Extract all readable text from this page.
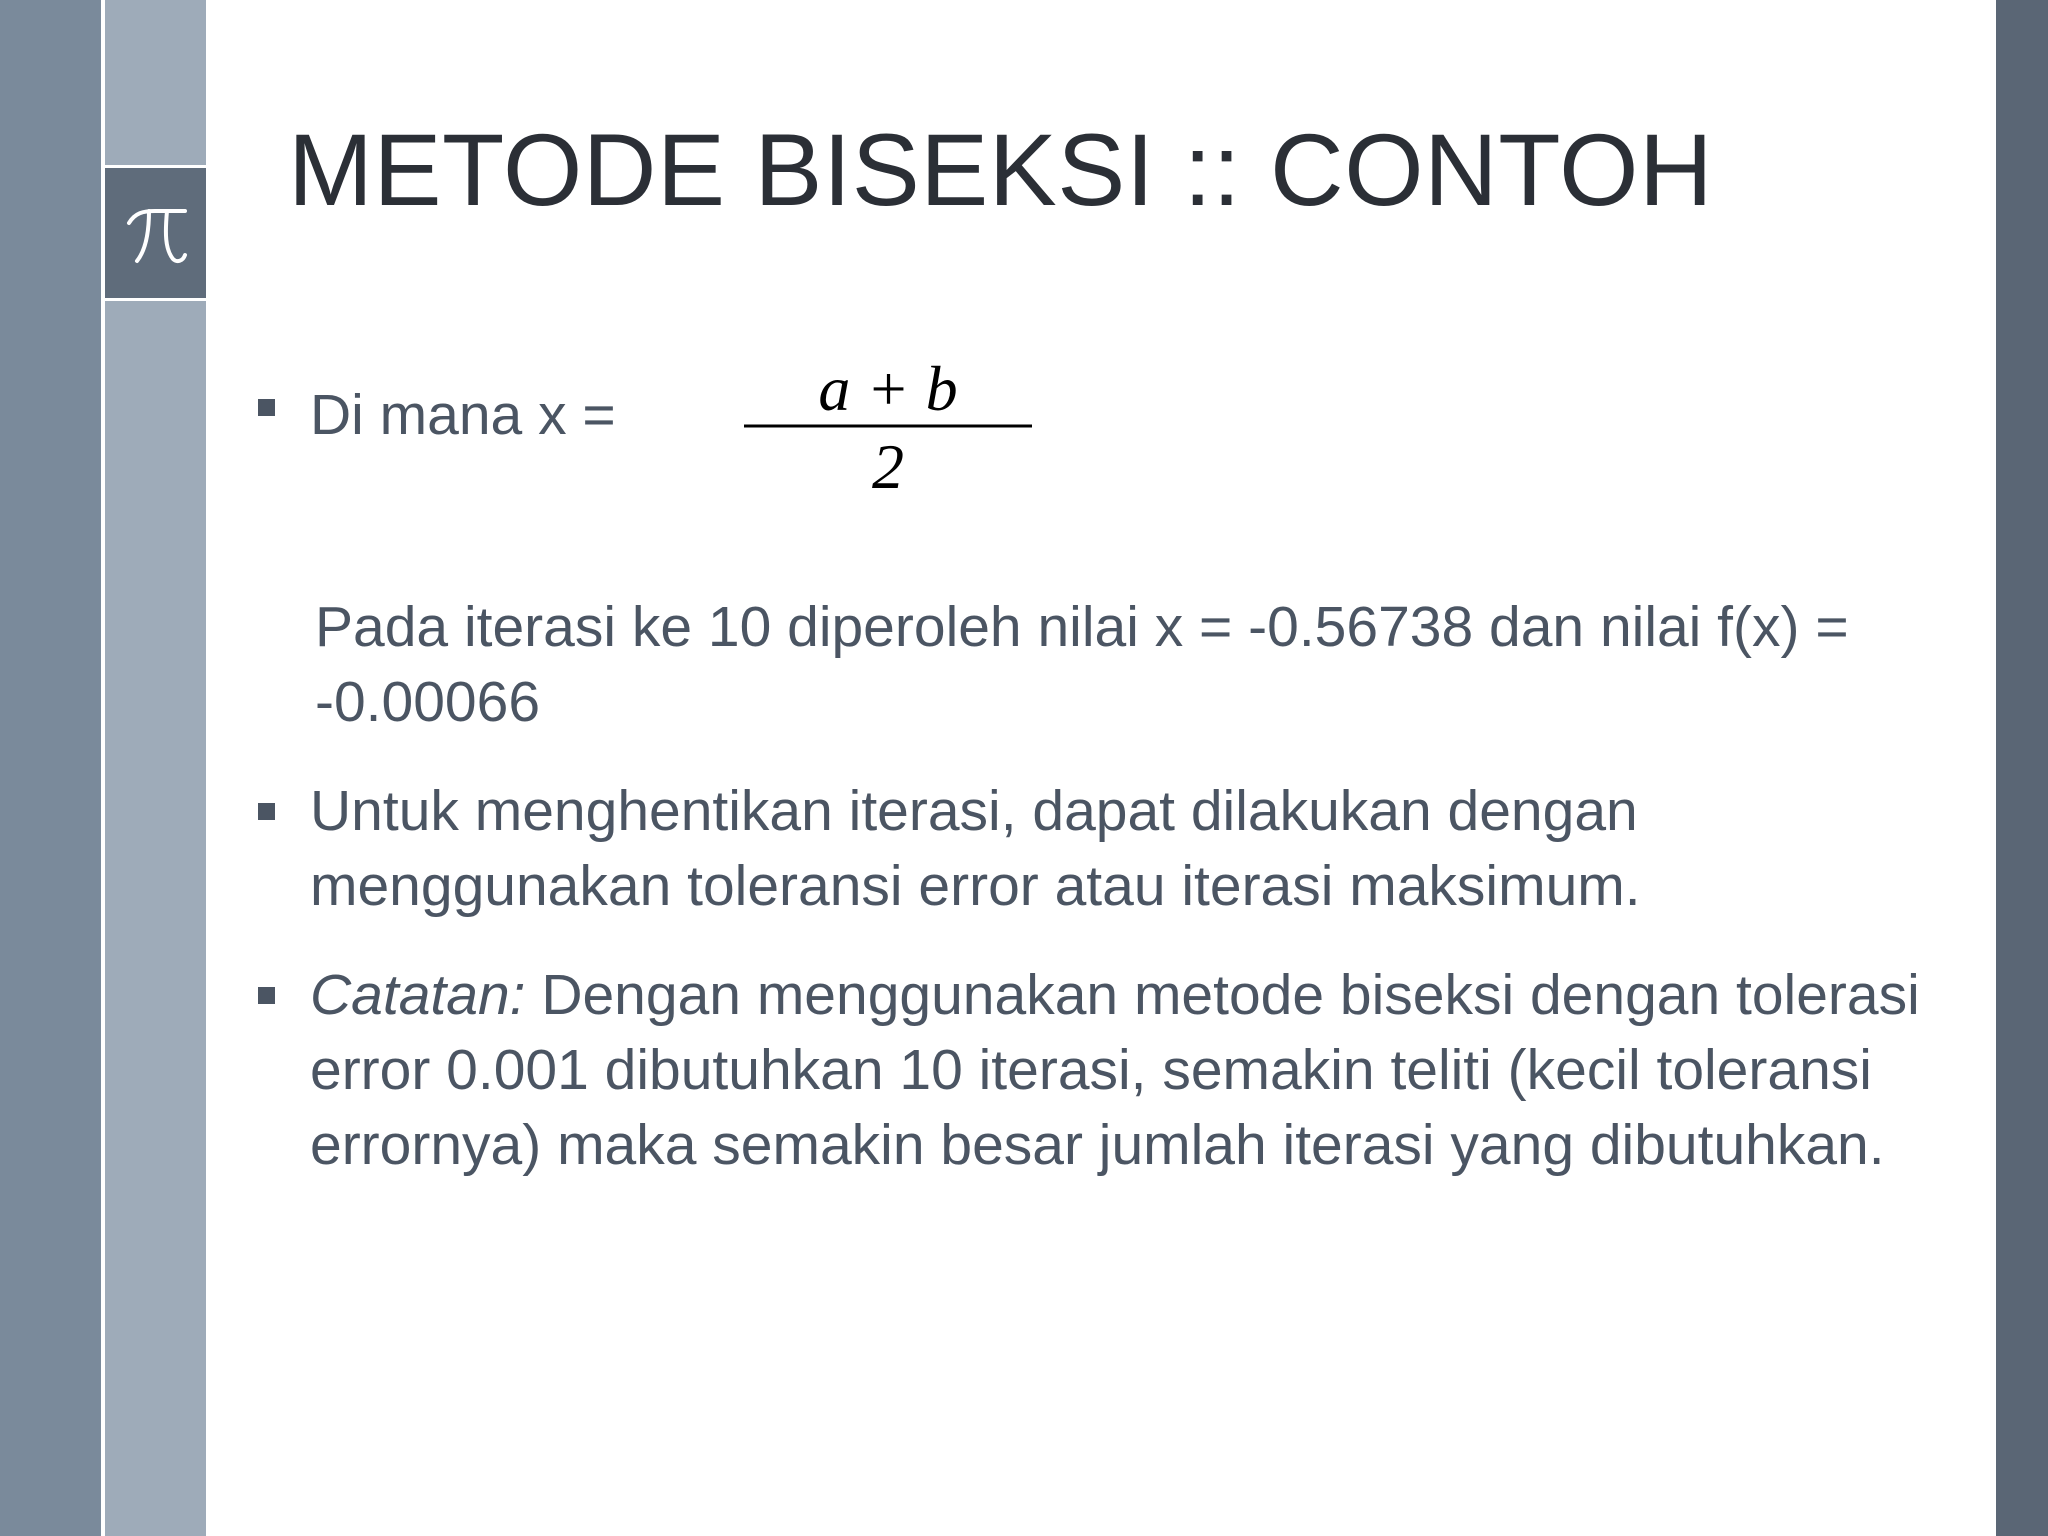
METODE BISEKSI :: CONTOH
Di mana x =	a + b
2
Pada iterasi ke 10 diperoleh nilai x = -0.56738 dan nilai f(x) = -0.00066
Untuk menghentikan iterasi, dapat dilakukan dengan menggunakan toleransi error atau iterasi maksimum.
Catatan: Dengan menggunakan metode biseksi dengan tolerasi error 0.001 dibutuhkan 10 iterasi, semakin teliti (kecil toleransi errornya) maka semakin besar jumlah iterasi yang dibutuhkan.
